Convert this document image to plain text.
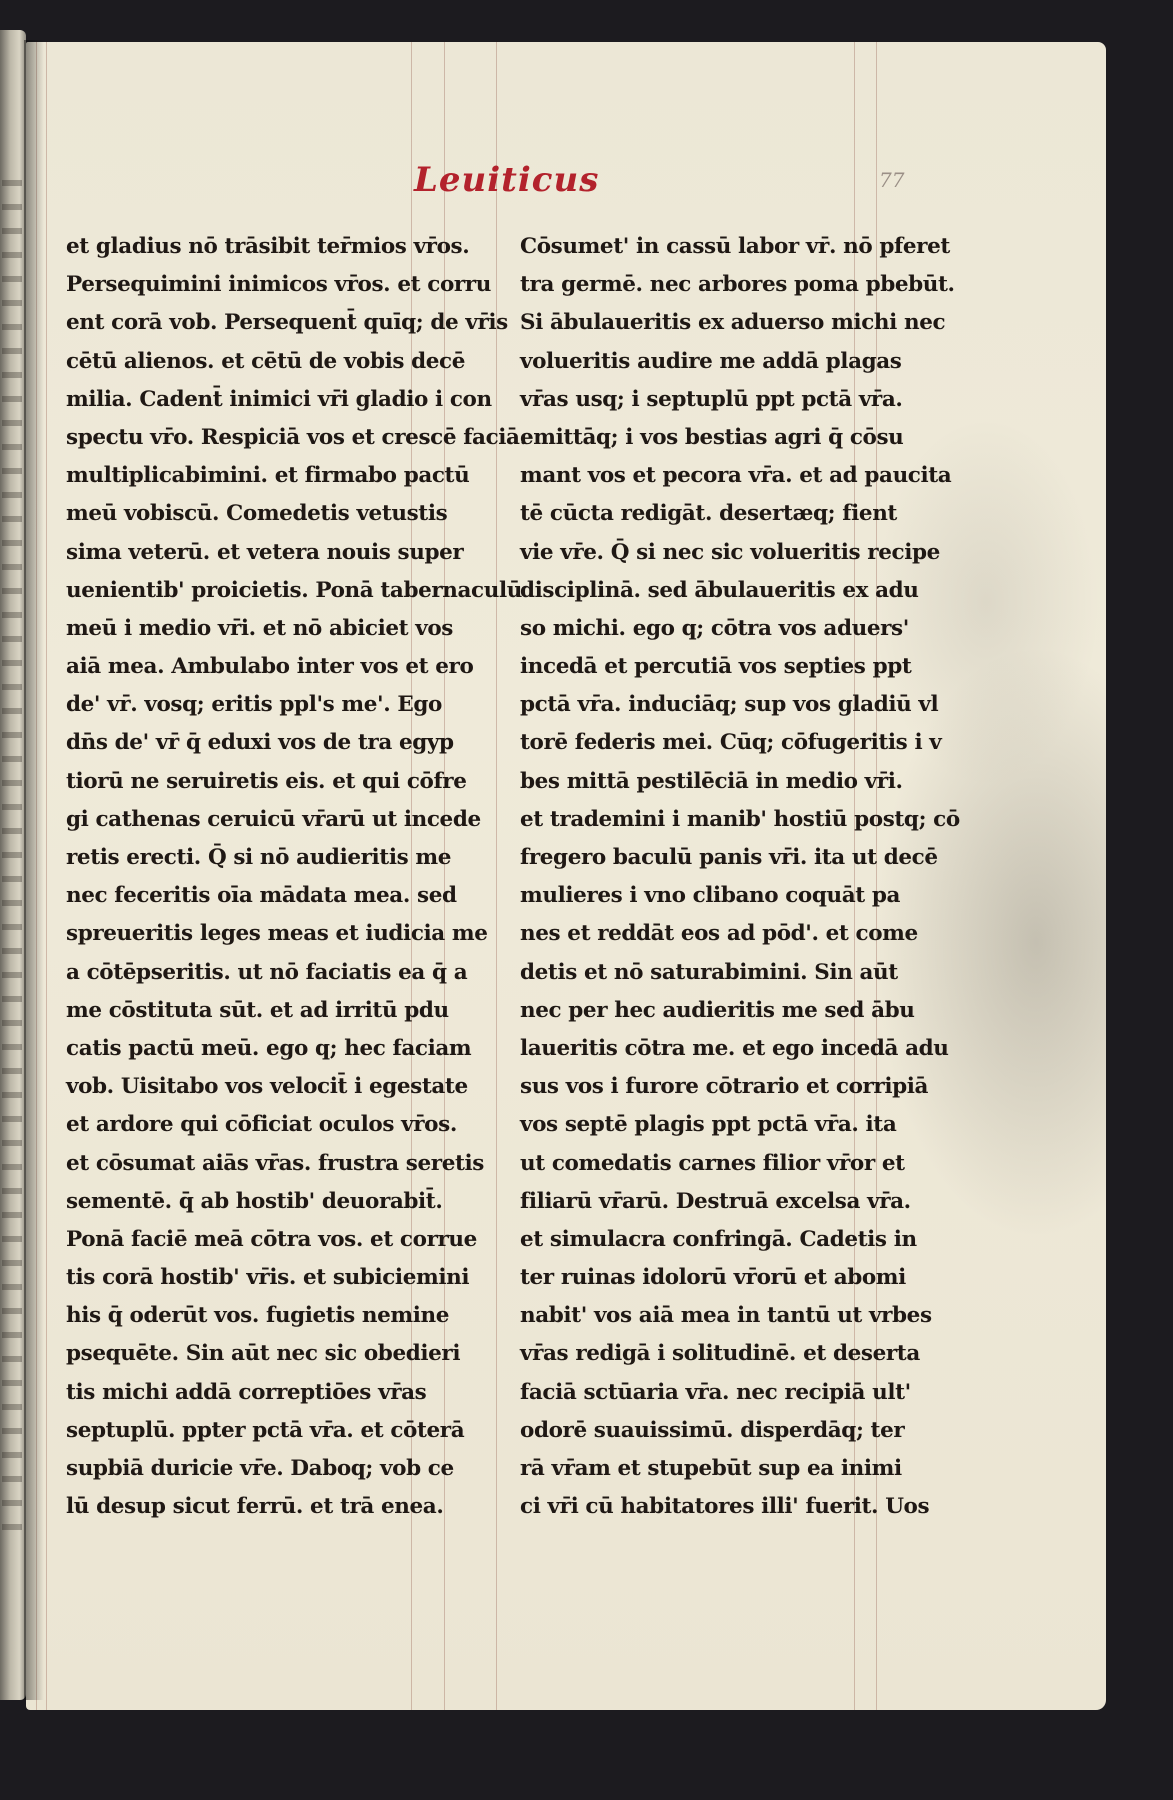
Leuiticus	77
et gladius nō trāsibit ter̄mios vr̄os.
Persequimini inimicos vr̄os. et corru
ent corā vob. Persequent̄ quīq; de vr̄is
cētū alienos. et cētū de vobis decē
milia. Cadent̄ inimici vr̄i gladio i con
spectu vr̄o. Respiciā vos et crescē faciā.
multiplicabimini. et firmabo pactū
meū vobiscū. Comedetis vetustis
sima veterū. et vetera nouis super
uenientib' proicietis. Ponā tabernaculū
meū i medio vr̄i. et nō abiciet vos
aiā mea. Ambulabo inter vos et ero
de' vr̄. vosq; eritis ppl's me'. Ego
dn̄s de' vr̄ q̄ eduxi vos de tra egyp
tiorū ne seruiretis eis. et qui cōfre
gi cathenas ceruicū vr̄arū ut incede
retis erecti. Q̄ si nō audieritis me
nec feceritis oīa mādata mea. sed
spreueritis leges meas et iudicia me
a cōtēpseritis. ut nō faciatis ea q̄ a
me cōstituta sūt. et ad irritū pdu
catis pactū meū. ego q; hec faciam
vob. Uisitabo vos velocit̄ i egestate
et ardore qui cōficiat oculos vr̄os.
et cōsumat aiās vr̄as. frustra seretis
sementē. q̄ ab hostib' deuorabit̄.
Ponā faciē meā cōtra vos. et corrue
tis corā hostib' vr̄is. et subiciemini
his q̄ oderūt vos. fugietis nemine
psequēte. Sin aūt nec sic obedieri
tis michi addā correptiōes vr̄as
septuplū. ppter pctā vr̄a. et cōterā
supbiā duricie vr̄e. Daboq; vob ce
lū desup sicut ferrū. et trā enea.
Cōsumet' in cassū labor vr̄. nō pferet
tra germē. nec arbores poma pbebūt.
Si ābulaueritis ex aduerso michi nec
volueritis audire me addā plagas
vr̄as usq; i septuplū ppt pctā vr̄a.
emittāq; i vos bestias agri q̄ cōsu
mant vos et pecora vr̄a. et ad paucita
tē cūcta redigāt. desertæq; fient
vie vr̄e. Q̄ si nec sic volueritis recipe
disciplinā. sed ābulaueritis ex adu
so michi. ego q; cōtra vos aduers'
incedā et percutiā vos septies ppt
pctā vr̄a. induciāq; sup vos gladiū vl
torē federis mei. Cūq; cōfugeritis i v
bes mittā pestilēciā in medio vr̄i.
et trademini i manib' hostiū postq; cō
fregero baculū panis vr̄i. ita ut decē
mulieres i vno clibano coquāt pa
nes et reddāt eos ad pōd'. et come
detis et nō saturabimini. Sin aūt
nec per hec audieritis me sed ābu
laueritis cōtra me. et ego incedā adu
sus vos i furore cōtrario et corripiā
vos septē plagis ppt pctā vr̄a. ita
ut comedatis carnes filior vr̄or et
filiarū vr̄arū. Destruā excelsa vr̄a.
et simulacra confringā. Cadetis in
ter ruinas idolorū vr̄orū et abomi
nabit' vos aiā mea in tantū ut vrbes
vr̄as redigā i solitudinē. et deserta
faciā sctūaria vr̄a. nec recipiā ult'
odorē suauissimū. disperdāq; ter
rā vr̄am et stupebūt sup ea inimi
ci vr̄i cū habitatores illi' fuerit. Uos
